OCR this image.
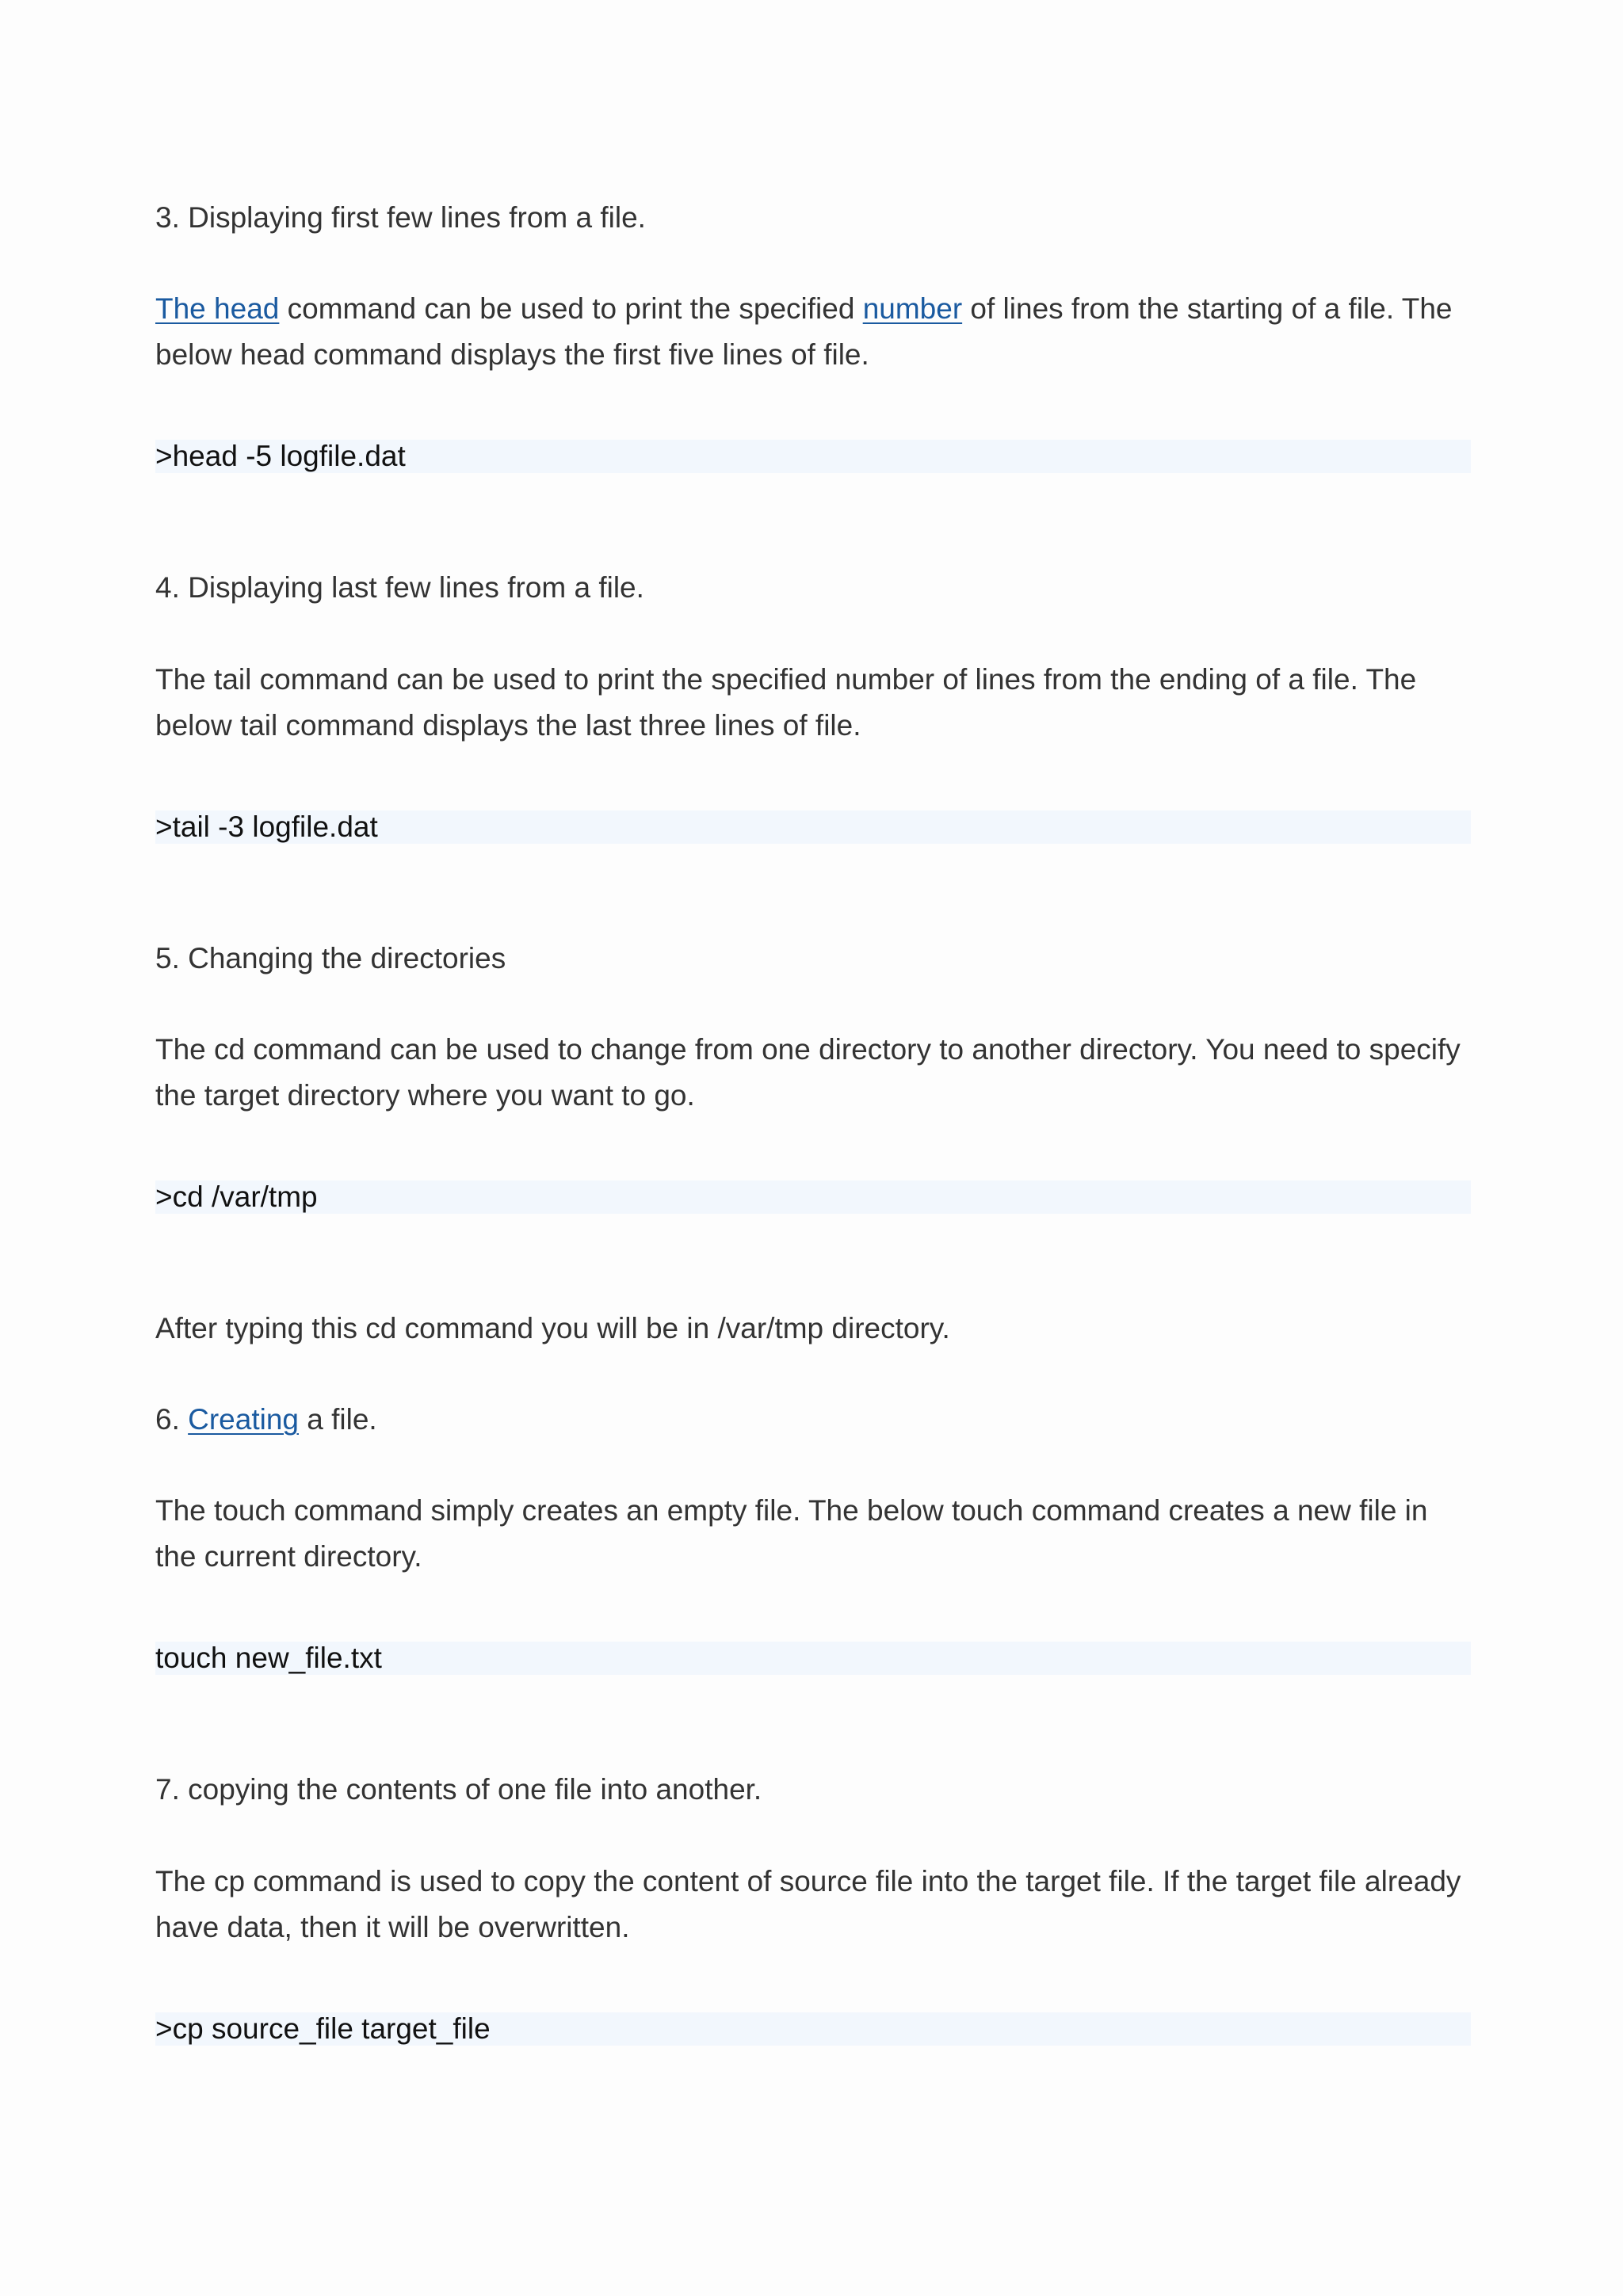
3. Displaying first few lines from a file.

The head command can be used to print the specified number of lines from the starting of a file. The below head command displays the first five lines of file.

>head -5 logfile.dat

4. Displaying last few lines from a file.

The tail command can be used to print the specified number of lines from the ending of a file. The below tail command displays the last three lines of file.

>tail -3 logfile.dat

5. Changing the directories

The cd command can be used to change from one directory to another directory. You need to specify the target directory where you want to go.

>cd /var/tmp

After typing this cd command you will be in /var/tmp directory.

6. Creating a file.

The touch command simply creates an empty file. The below touch command creates a new file in the current directory.

touch new_file.txt

7. copying the contents of one file into another.

The cp command is used to copy the content of source file into the target file. If the target file already have data, then it will be overwritten.

>cp source_file target_file
